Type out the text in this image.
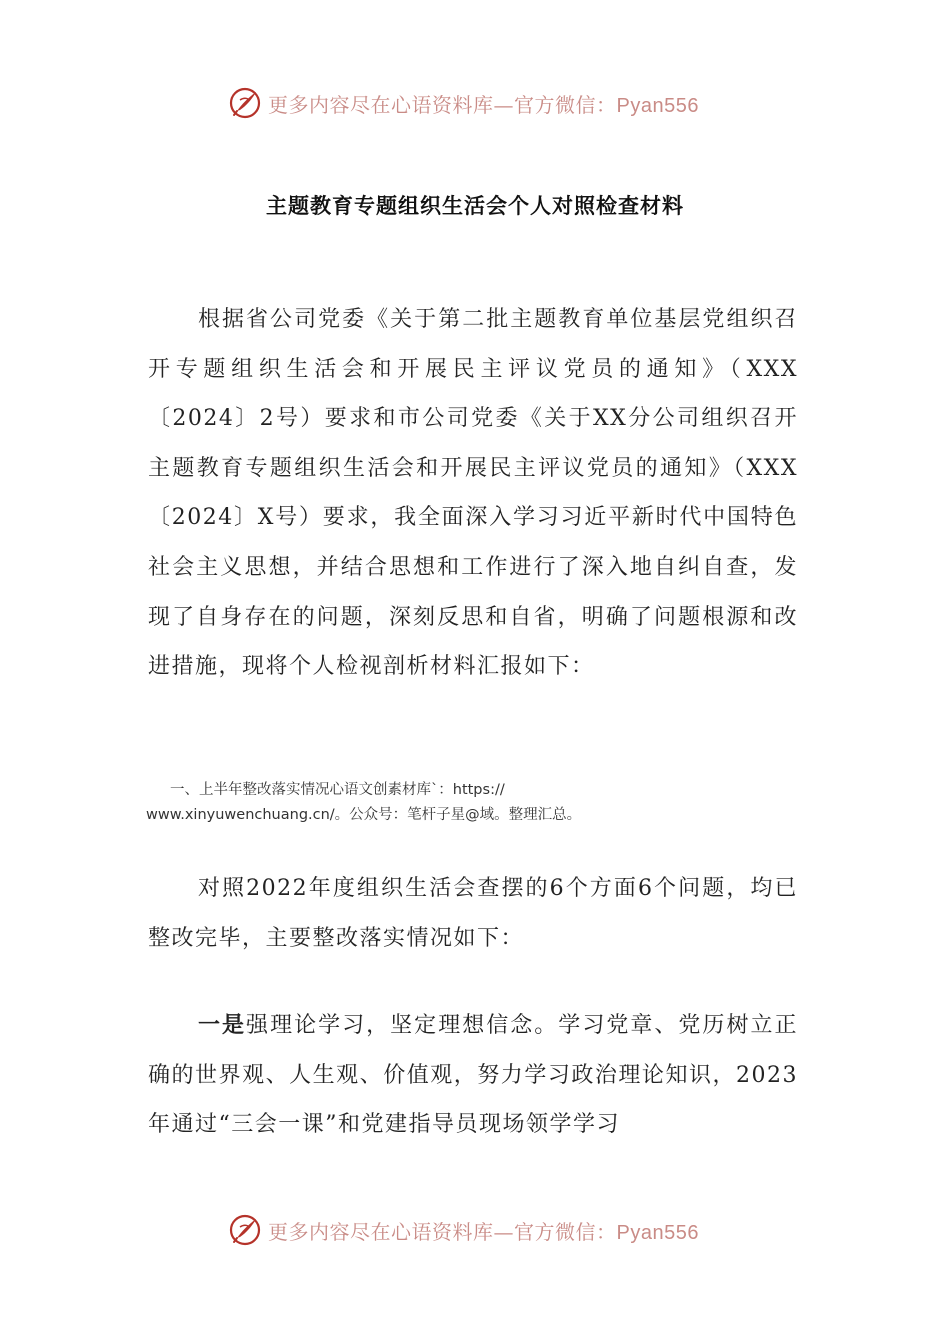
更多内容尽在心语资料库—官方微信：Pyan556
主题教育专题组织生活会个人对照检查材料
根据省公司党委《关于第二批主题教育单位基层党组织召开专题组织生活会和开展民主评议党员的通知》（XXX〔2024〕2号）要求和市公司党委《关于XX分公司组织召开主题教育专题组织生活会和开展民主评议党员的通知》（XXX〔2024〕X号）要求，我全面深入学习习近平新时代中国特色社会主义思想，并结合思想和工作进行了深入地自纠自查，发现了自身存在的问题，深刻反思和自省，明确了问题根源和改进措施，现将个人检视剖析材料汇报如下：
一、上半年整改落实情况心语文创素材库`：https://
www.xinyuwenchuang.cn/。公众号：笔杆子星@域。整理汇总。
对照2022年度组织生活会查摆的6个方面6个问题，均已整改完毕，主要整改落实情况如下：
一是强理论学习，坚定理想信念。学习党章、党历树立正确的世界观、人生观、价值观，努力学习政治理论知识，2023年通过“三会一课”和党建指导员现场领学学习
更多内容尽在心语资料库—官方微信：Pyan556
